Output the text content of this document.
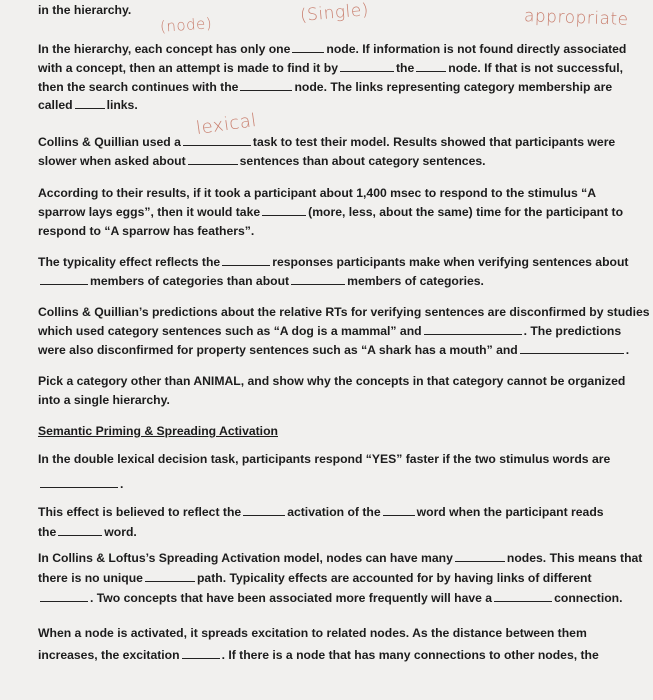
in the hierarchy.
(node)	(Single)	appropriate
lexical
In the hierarchy, each concept has only one	node. If information is not found directly associated
with a concept, then an attempt is made to find it by	the	node. If that is not successful,
then the search continues with the	node. The links representing category membership are
called	links.
Collins & Quillian used a	task to test their model. Results showed that participants were
slower when asked about	sentences than about category sentences.
According to their results, if it took a participant about 1,400 msec to respond to the stimulus “A
sparrow lays eggs”, then it would take	(more, less, about the same) time for the participant to
respond to “A sparrow has feathers”.
The typicality effect reflects the	responses participants make when verifying sentences about
members of categories than about	members of categories.
Collins & Quillian’s predictions about the relative RTs for verifying sentences are disconfirmed by studies
which used category sentences such as “A dog is a mammal” and	. The predictions
were also disconfirmed for property sentences such as “A shark has a mouth” and	.
Pick a category other than ANIMAL, and show why the concepts in that category cannot be organized
into a single hierarchy.
Semantic Priming & Spreading Activation
In the double lexical decision task, participants respond “YES” faster if the two stimulus words are
.
This effect is believed to reflect the	activation of the	word when the participant reads
the	word.
In Collins & Loftus’s Spreading Activation model, nodes can have many	nodes. This means that
there is no unique	path. Typicality effects are accounted for by having links of different
. Two concepts that have been associated more frequently will have a	connection.
When a node is activated, it spreads excitation to related nodes. As the distance between them
increases, the excitation	. If there is a node that has many connections to other nodes, the
